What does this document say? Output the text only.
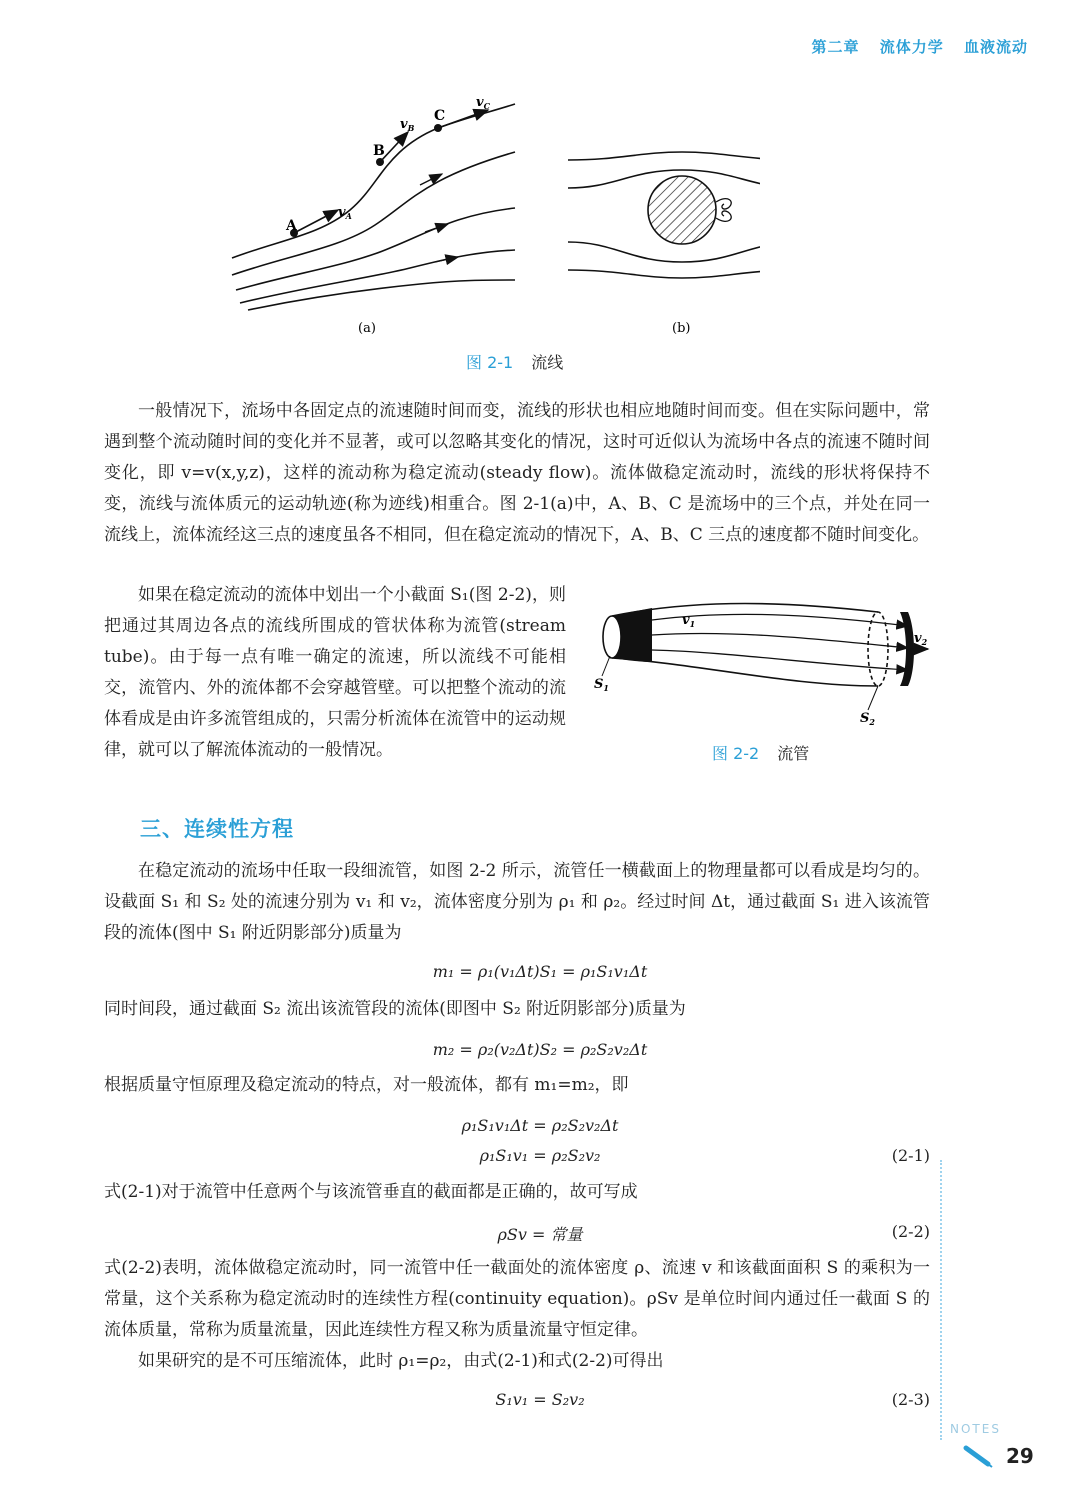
第二章 流体力学 血液流动
A
B
C
$v_A$
$v_B$
$v_C$
(a)	(b)
图 2-1 流线

一般情况下，流场中各固定点的流速随时间而变，流线的形状也相应地随时间而变。但在实际问题中，常遇到整个流动随时间的变化并不显著，或可以忽略其变化的情况，这时可近似认为流场中各点的流速不随时间变化，即 v=v(x,y,z)，这样的流动称为稳定流动(steady flow)。流体做稳定流动时，流线的形状将保持不变，流线与流体质元的运动轨迹(称为迹线)相重合。图 2-1(a)中，A、B、C 是流场中的三个点，并处在同一流线上，流体流经这三点的速度虽各不相同，但在稳定流动的情况下，A、B、C 三点的速度都不随时间变化。

如果在稳定流动的流体中划出一个小截面 S₁(图 2-2)，则把通过其周边各点的流线所围成的管状体称为流管(stream tube)。由于每一点有唯一确定的流速，所以流线不可能相交，流管内、外的流体都不会穿越管壁。可以把整个流动的流体看成是由许多流管组成的，只需分析流体在流管中的运动规律，就可以了解流体流动的一般情况。

$S_1$
$S_2$
$v_1$
$v_2$
图 2-2 流管
三、连续性方程

在稳定流动的流场中任取一段细流管，如图 2-2 所示，流管任一横截面上的物理量都可以看成是均匀的。设截面 S₁ 和 S₂ 处的流速分别为 v₁ 和 v₂，流体密度分别为 ρ₁ 和 ρ₂。经过时间 Δt，通过截面 S₁ 进入该流管段的流体(图中 S₁ 附近阴影部分)质量为

m₁ = ρ₁(v₁Δt)S₁ = ρ₁S₁v₁Δt

同时间段，通过截面 S₂ 流出该流管段的流体(即图中 S₂ 附近阴影部分)质量为

m₂ = ρ₂(v₂Δt)S₂ = ρ₂S₂v₂Δt

根据质量守恒原理及稳定流动的特点，对一般流体，都有 m₁=m₂，即

ρ₁S₁v₁Δt = ρ₂S₂v₂Δt
ρ₁S₁v₁ = ρ₂S₂v₂	(2-1)

式(2-1)对于流管中任意两个与该流管垂直的截面都是正确的，故可写成

ρSv = 常量	(2-2)

式(2-2)表明，流体做稳定流动时，同一流管中任一截面处的流体密度 ρ、流速 v 和该截面面积 S 的乘积为一常量，这个关系称为稳定流动时的连续性方程(continuity equation)。ρSv 是单位时间内通过任一截面 S 的流体质量，常称为质量流量，因此连续性方程又称为质量流量守恒定律。

如果研究的是不可压缩流体，此时 ρ₁=ρ₂，由式(2-1)和式(2-2)可得出

S₁v₁ = S₂v₂	(2-3)
NOTES
29
